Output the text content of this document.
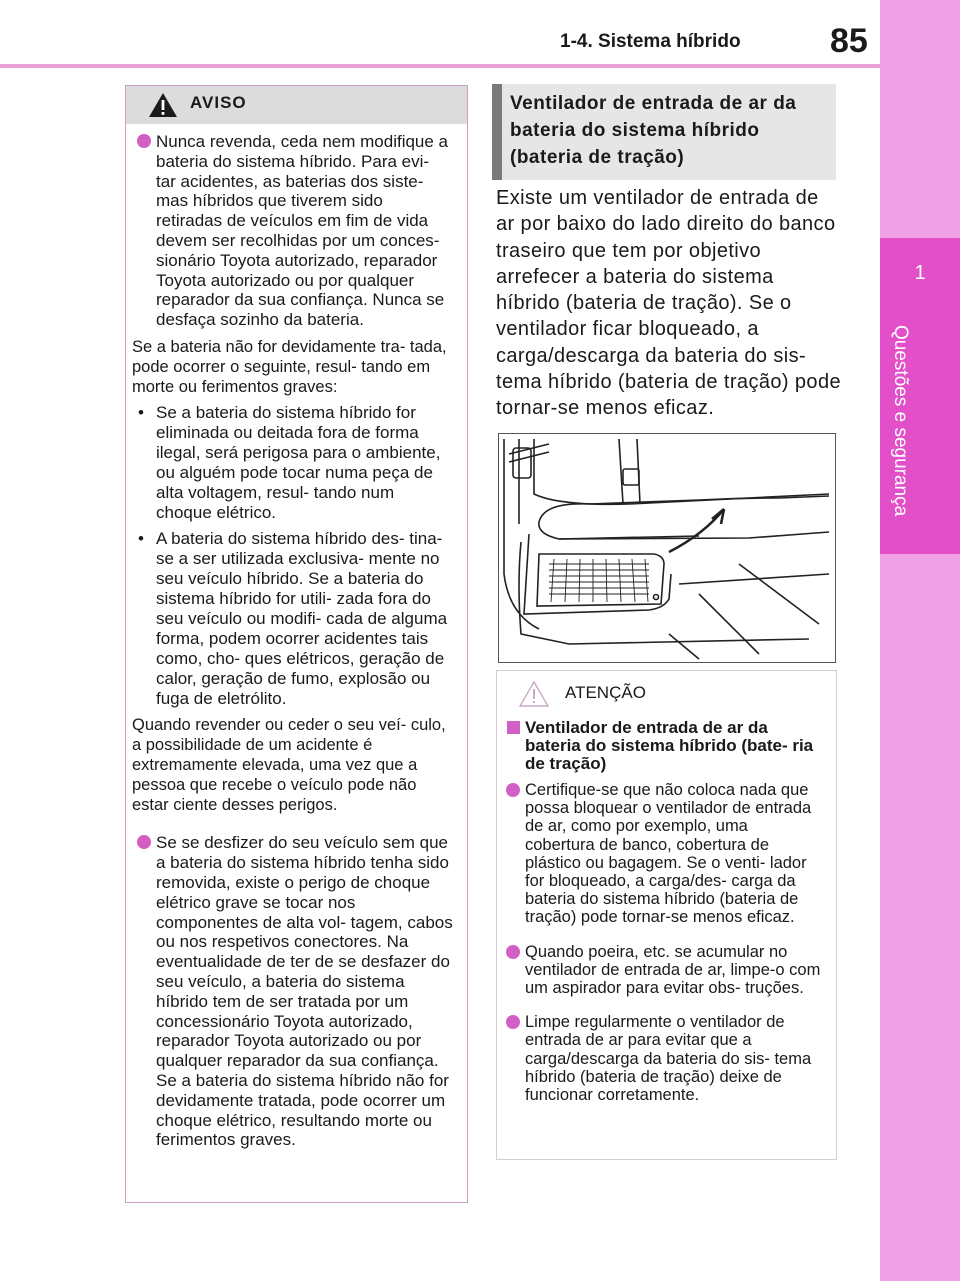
1-4. Sistema híbrido	85
1
Questões e segurança
AVISO

Nunca revenda, ceda nem modifique a bateria do sistema híbrido. Para evi- tar acidentes, as baterias dos siste- mas híbridos que tiverem sido retiradas de veículos em fim de vida devem ser recolhidas por um conces- sionário Toyota autorizado, reparador Toyota autorizado ou por qualquer reparador da sua confiança. Nunca se desfaça sozinho da bateria.

Se a bateria não for devidamente tra- tada, pode ocorrer o seguinte, resul- tando em morte ou ferimentos graves:

• Se a bateria do sistema híbrido for eliminada ou deitada fora de forma ilegal, será perigosa para o ambiente, ou alguém pode tocar numa peça de alta voltagem, resul- tando num choque elétrico.

• A bateria do sistema híbrido des- tina-se a ser utilizada exclusiva- mente no seu veículo híbrido. Se a bateria do sistema híbrido for utili- zada fora do seu veículo ou modifi- cada de alguma forma, podem ocorrer acidentes tais como, cho- ques elétricos, geração de calor, geração de fumo, explosão ou fuga de eletrólito.

Quando revender ou ceder o seu veí- culo, a possibilidade de um acidente é extremamente elevada, uma vez que a pessoa que recebe o veículo pode não estar ciente desses perigos.

Se se desfizer do seu veículo sem que a bateria do sistema híbrido tenha sido removida, existe o perigo de choque elétrico grave se tocar nos componentes de alta vol- tagem, cabos ou nos respetivos conectores. Na eventualidade de ter de se desfazer do seu veículo, a bateria do sistema híbrido tem de ser tratada por um concessionário Toyota autorizado, reparador Toyota autorizado ou por qualquer reparador da sua confiança. Se a bateria do sistema híbrido não for devidamente tratada, pode ocorrer um choque elétrico, resultando morte ou ferimentos graves.

Ventilador de entrada de ar da bateria do sistema híbrido (bateria de tração)

Existe um ventilador de entrada de ar por baixo do lado direito do banco traseiro que tem por objetivo arrefecer a bateria do sistema híbrido (bateria de tração). Se o ventilador ficar bloqueado, a carga/descarga da bateria do sis- tema híbrido (bateria de tração) pode tornar-se menos eficaz.

ATENÇÃO

Ventilador de entrada de ar da bateria do sistema híbrido (bate- ria de tração)

Certifique-se que não coloca nada que possa bloquear o ventilador de entrada de ar, como por exemplo, uma cobertura de banco, cobertura de plástico ou bagagem. Se o venti- lador for bloqueado, a carga/des- carga da bateria do sistema híbrido (bateria de tração) pode tornar-se menos eficaz.

Quando poeira, etc. se acumular no ventilador de entrada de ar, limpe-o com um aspirador para evitar obs- truções.

Limpe regularmente o ventilador de entrada de ar para evitar que a carga/descarga da bateria do sis- tema híbrido (bateria de tração) deixe de funcionar corretamente.
